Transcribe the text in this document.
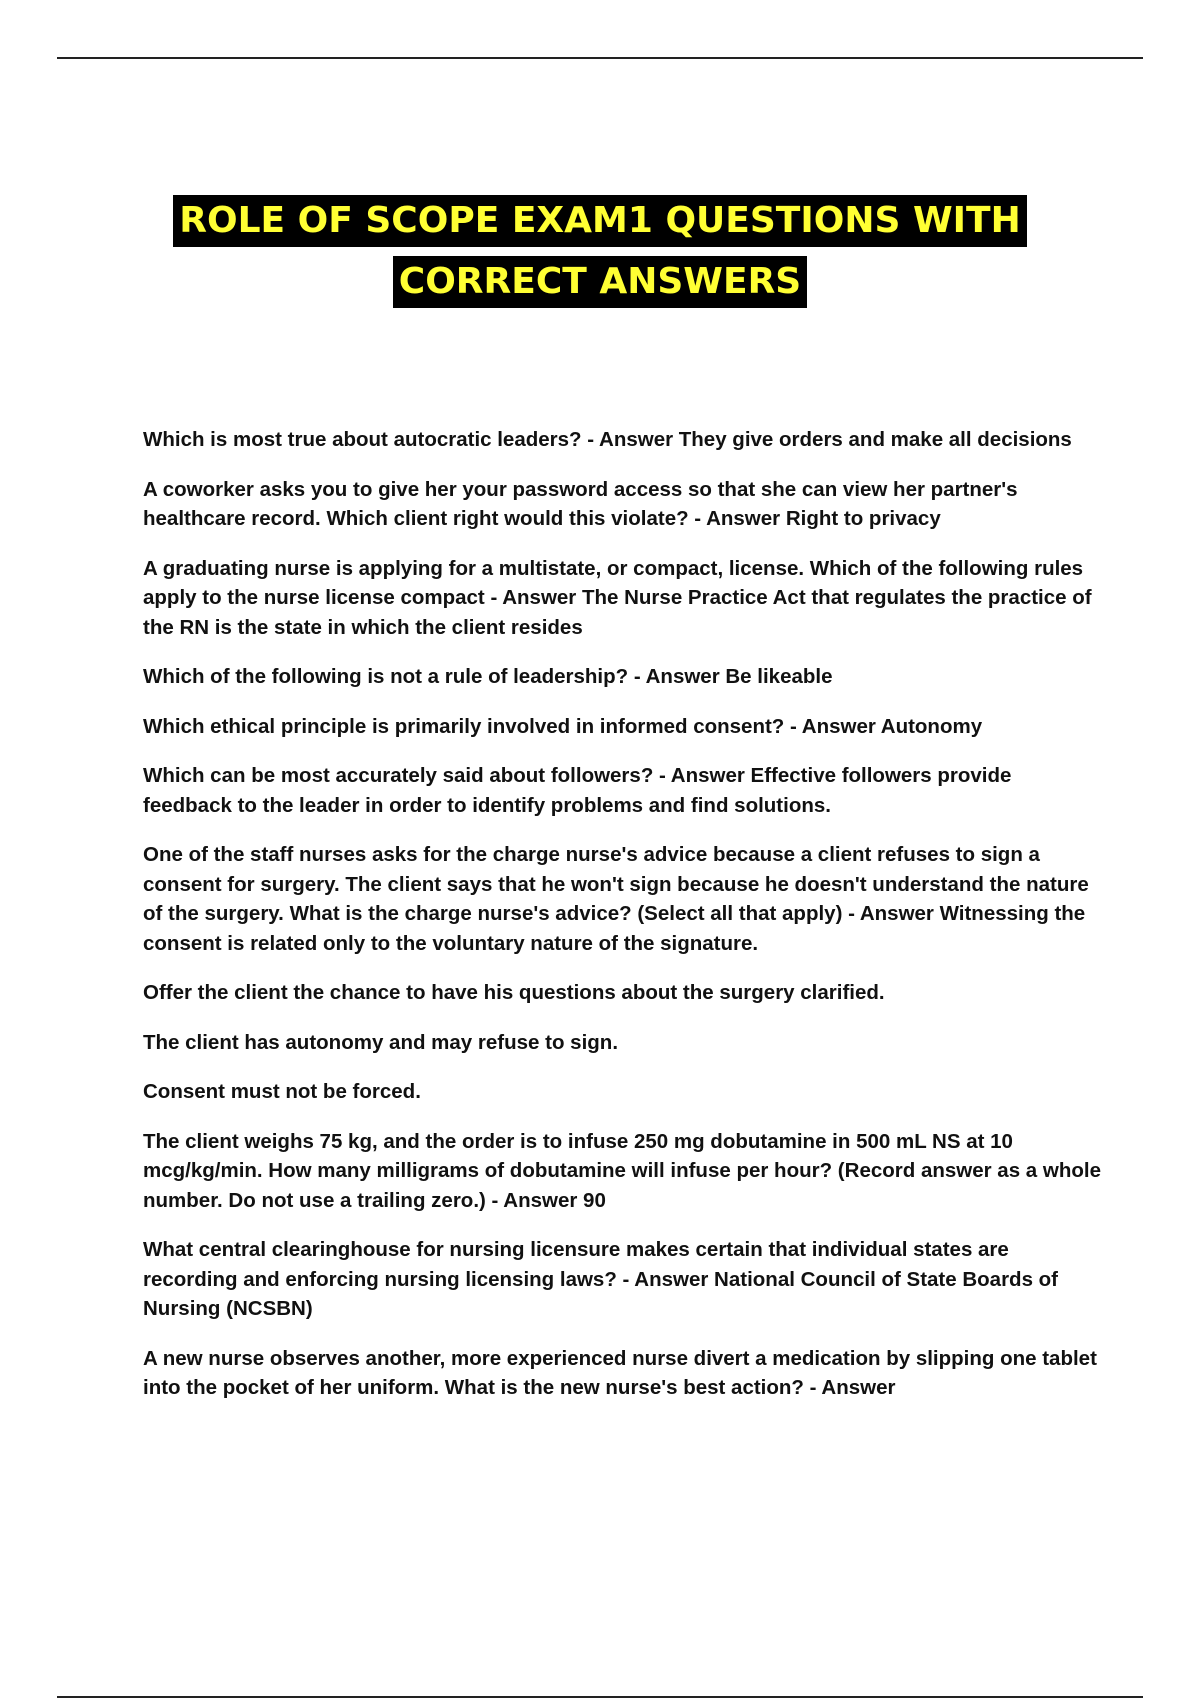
ROLE OF SCOPE EXAM1 QUESTIONS WITH
CORRECT ANSWERS
Which is most true about autocratic leaders? - Answer They give orders and make all decisions
A coworker asks you to give her your password access so that she can view her partner's healthcare record. Which client right would this violate? - Answer Right to privacy
A graduating nurse is applying for a multistate, or compact, license. Which of the following rules apply to the nurse license compact - Answer The Nurse Practice Act that regulates the practice of the RN is the state in which the client resides
Which of the following is not a rule of leadership? - Answer Be likeable
Which ethical principle is primarily involved in informed consent? - Answer Autonomy
Which can be most accurately said about followers? - Answer Effective followers provide feedback to the leader in order to identify problems and find solutions.
One of the staff nurses asks for the charge nurse's advice because a client refuses to sign a consent for surgery. The client says that he won't sign because he doesn't understand the nature of the surgery. What is the charge nurse's advice? (Select all that apply) - Answer Witnessing the consent is related only to the voluntary nature of the signature.
Offer the client the chance to have his questions about the surgery clarified.
The client has autonomy and may refuse to sign.
Consent must not be forced.
The client weighs 75 kg, and the order is to infuse 250 mg dobutamine in 500 mL NS at 10 mcg/kg/min. How many milligrams of dobutamine will infuse per hour? (Record answer as a whole number. Do not use a trailing zero.) - Answer 90
What central clearinghouse for nursing licensure makes certain that individual states are recording and enforcing nursing licensing laws? - Answer National Council of State Boards of Nursing (NCSBN)
A new nurse observes another, more experienced nurse divert a medication by slipping one tablet into the pocket of her uniform. What is the new nurse's best action? - Answer
